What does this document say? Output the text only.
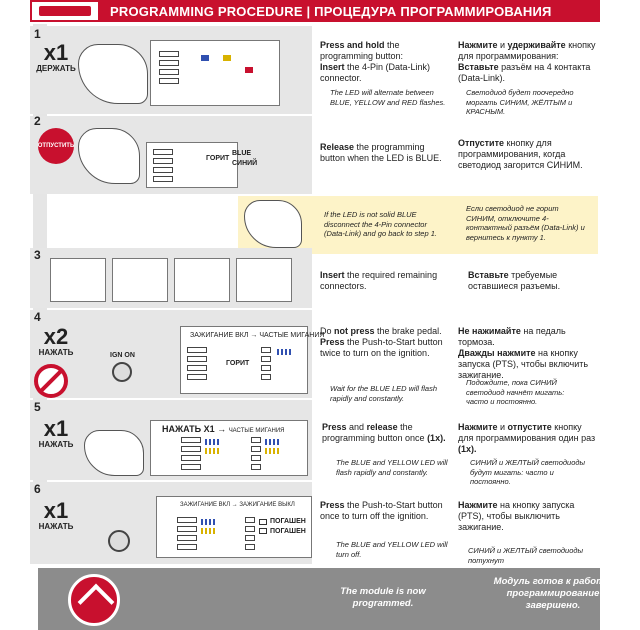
PROGRAMMING PROCEDURE | ПРОЦЕДУРА ПРОГРАММИРОВАНИЯ
1
x1
ДЕРЖАТЬ
Press and hold the programming button:
Insert the 4-Pin (Data-Link) connector.
The LED will alternate between BLUE, YELLOW and RED flashes.
Нажмите и удерживайте кнопку для программирования:
Вставьте разъём на 4 контакта (Data-Link).
Светодиод будет поочередно моргать СИНИМ, ЖЁЛТЫМ и КРАСНЫМ.
2
ОТПУСТИТЬ
ГОРИТ
BLUE
СИНИЙ
Release the programming button when the LED is BLUE.
Отпустите кнопку для программирования, когда светодиод загорится СИНИМ.
If the LED is not solid BLUE disconnect the 4-Pin connector (Data-Link) and go back to step 1.
Если светодиод не горит СИНИМ, отключите 4-контактный разъём (Data-Link) и вернитесь к пункту 1.
3
Insert the required remaining connectors.
Вставьте требуемые оставшиеся разъемы.
4
x2
НАЖАТЬ	IGN ON
ЗАЖИГАНИЕ ВКЛ → ЧАСТЫЕ МИГАНИЯ
ГОРИТ
Do not press the brake pedal.
Press the Push-to-Start button twice to turn on the ignition.
Wait for the BLUE LED will flash rapidly and constantly.
Не нажимайте на педаль тормоза.
Дважды нажмите на кнопку запуска (PTS), чтобы включить зажигание.
Подождите, пока СИНИЙ светодиод начнёт мигать: часто и постоянно.
5
x1
НАЖАТЬ
НАЖАТЬ X1 → ЧАСТЫЕ МИГАНИЯ	Press and release the programming button once (1x).
The BLUE and YELLOW LED will flash rapidly and constantly.
Нажмите и отпустите кнопку для программирования один раз (1x).
СИНИЙ и ЖЕЛТЫЙ светодиоды будут мигать: часто и постоянно.
6
x1
НАЖАТЬ
ЗАЖИГАНИЕ ВКЛ → ЗАЖИГАНИЕ ВЫКЛ
ПОГАШЕН
ПОГАШЕН
Press the Push-to-Start button once to turn off the ignition.
The BLUE and YELLOW LED will turn off.
Нажмите на кнопку запуска (PTS), чтобы выключить зажигание.
СИНИЙ и ЖЕЛТЫЙ светодиоды потухнут
The module is now programmed.
Модуль готов к работе, программирование завершено.
